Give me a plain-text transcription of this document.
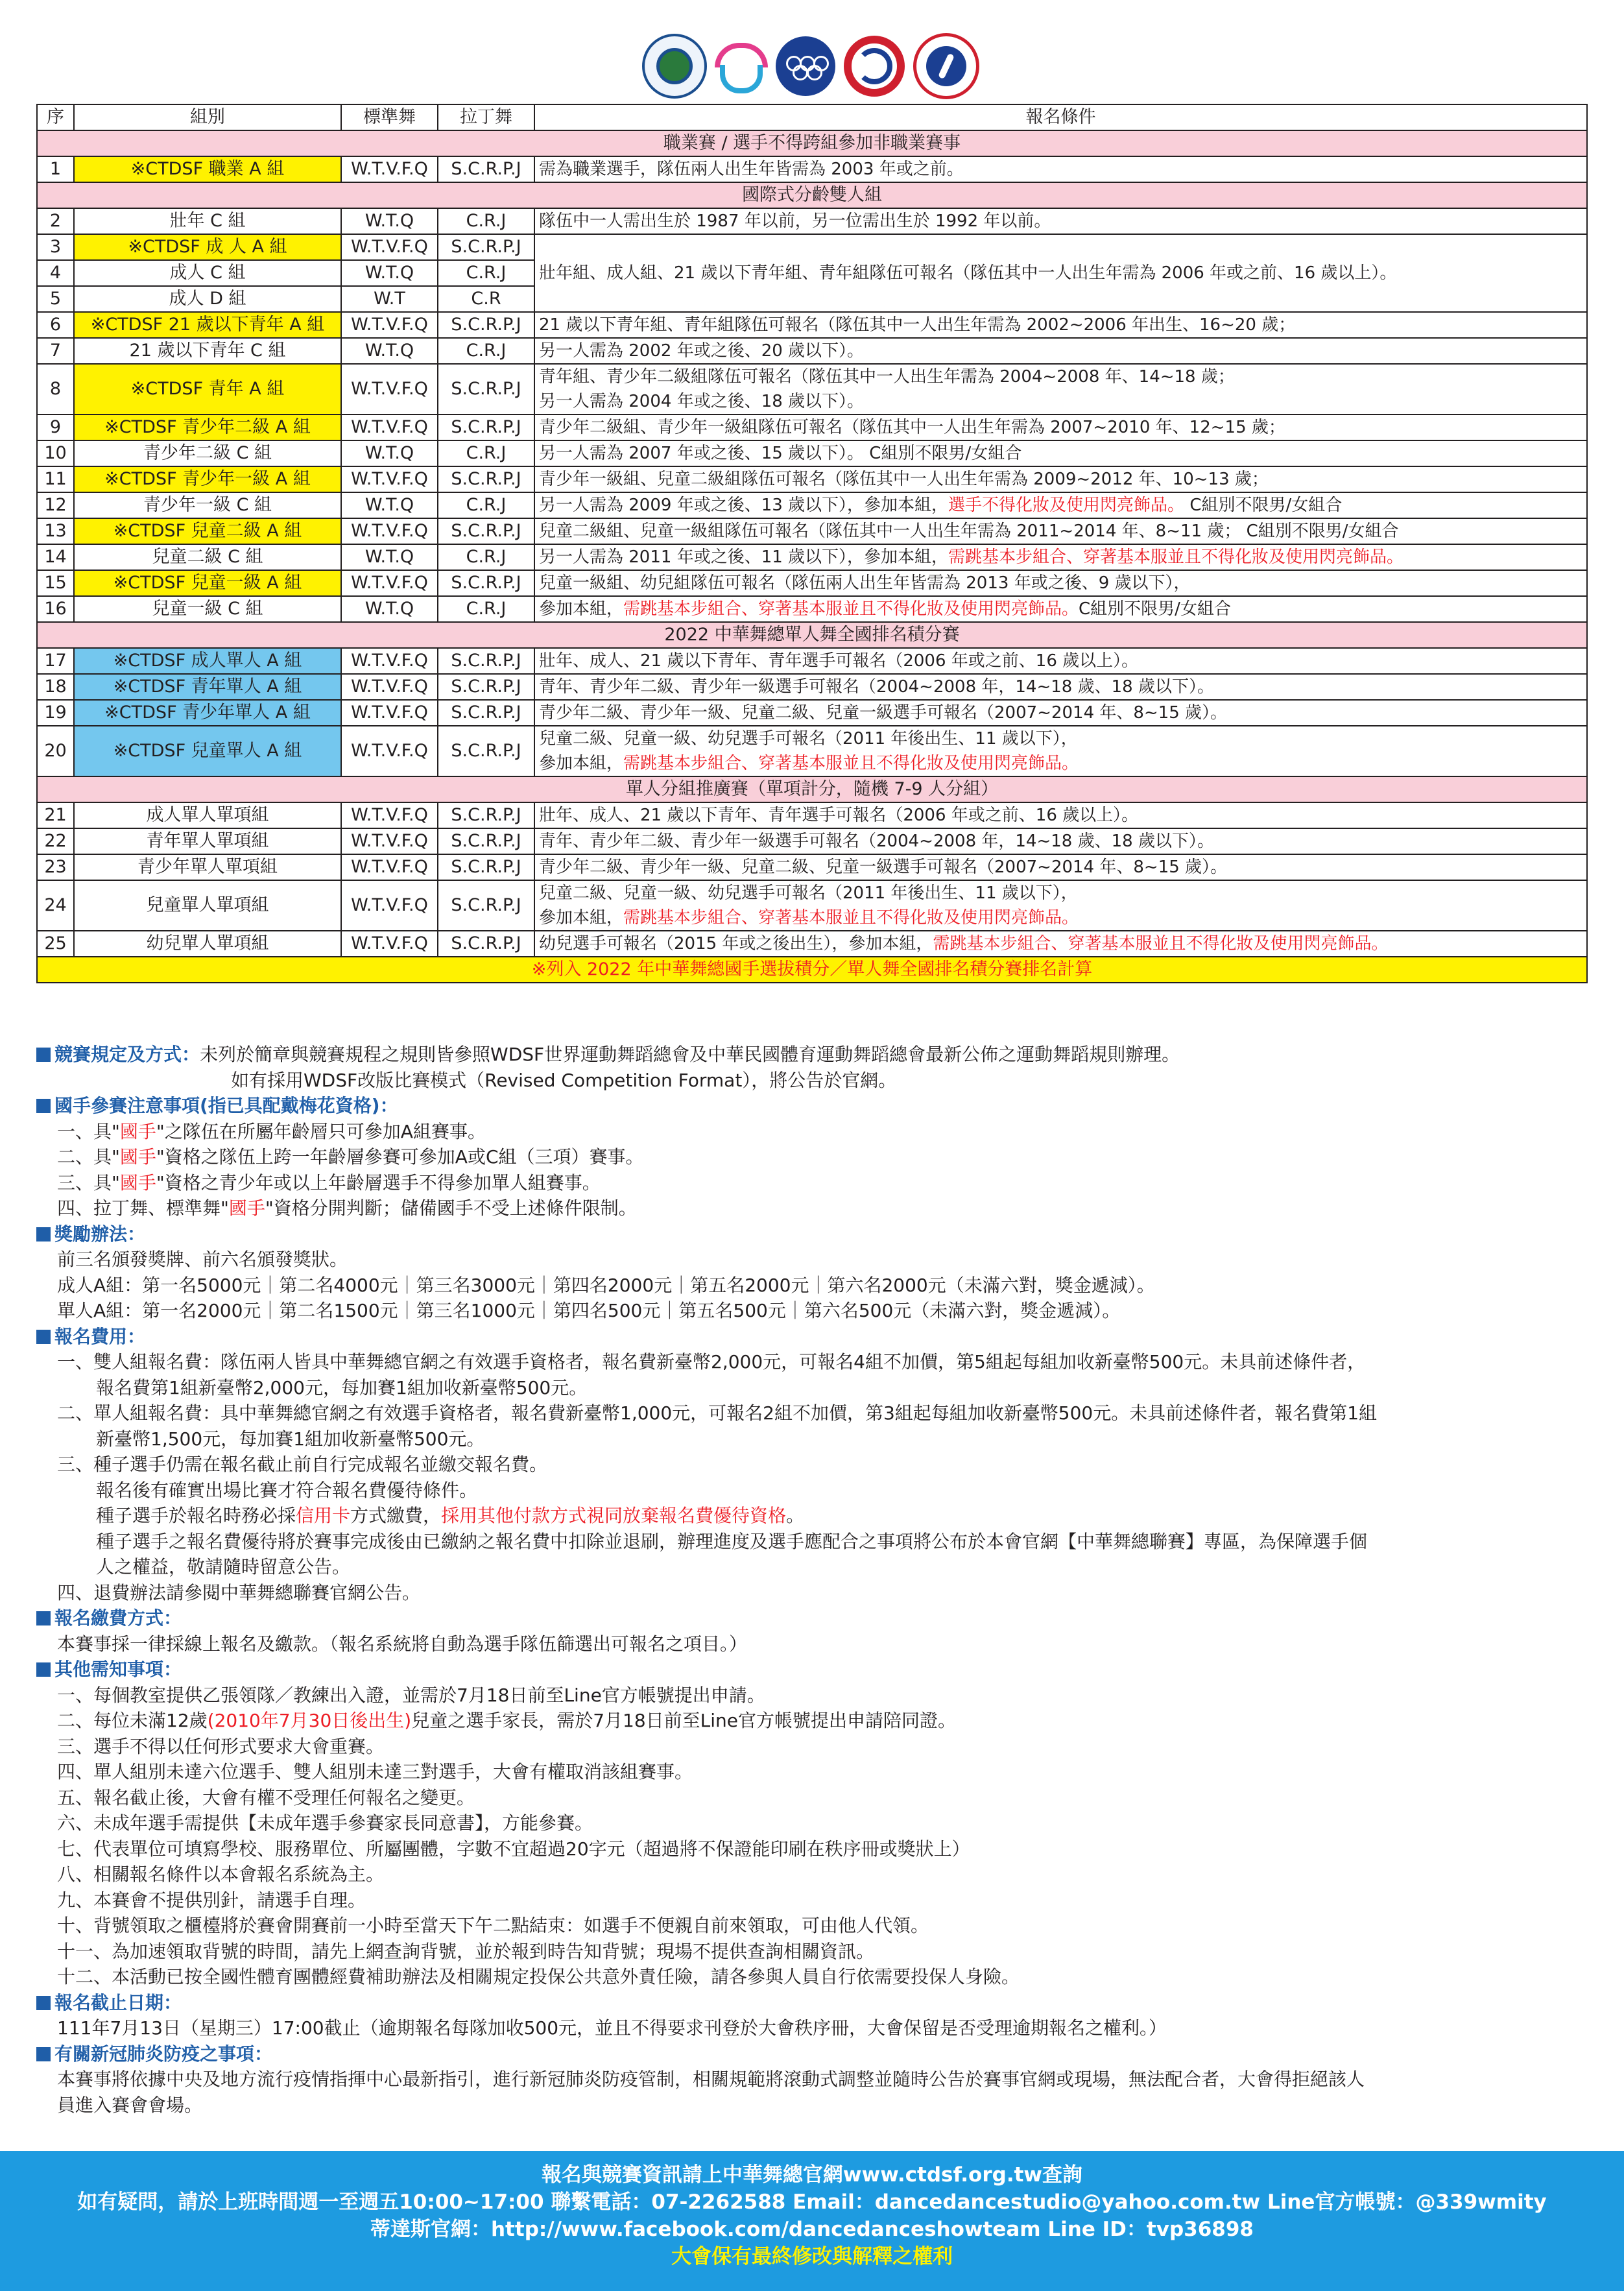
序	組別	標準舞	拉丁舞	報名條件
職業賽 / 選手不得跨組參加非職業賽事				
1	※CTDSF 職業 A 組	W.T.V.F.Q	S.C.R.P.J	需為職業選手，隊伍兩人出生年皆需為 2003 年或之前。
國際式分齡雙人組				
2	壯年 C 組	W.T.Q	C.R.J	隊伍中一人需出生於 1987 年以前，另一位需出生於 1992 年以前。
3	※CTDSF 成 人 A 組	W.T.V.F.Q	S.C.R.P.J	壯年組、成人組、21 歲以下青年組、青年組隊伍可報名（隊伍其中一人出生年需為 2006 年或之前、16 歲以上）。
4	成人 C 組	W.T.Q	C.R.J	
5	成人 D 組	W.T	C.R	
6	※CTDSF 21 歲以下青年 A 組	W.T.V.F.Q	S.C.R.P.J	21 歲以下青年組、青年組隊伍可報名（隊伍其中一人出生年需為 2002~2006 年出生、16~20 歲；
7	21 歲以下青年 C 組	W.T.Q	C.R.J	另一人需為 2002 年或之後、20 歲以下）。
8	※CTDSF 青年 A 組	W.T.V.F.Q	S.C.R.P.J	青年組、青少年二級組隊伍可報名（隊伍其中一人出生年需為 2004~2008 年、14~18 歲；
				另一人需為 2004 年或之後、18 歲以下）。
9	※CTDSF 青少年二級 A 組	W.T.V.F.Q	S.C.R.P.J	青少年二級組、青少年一級組隊伍可報名（隊伍其中一人出生年需為 2007~2010 年、12~15 歲；
10	青少年二級 C 組	W.T.Q	C.R.J	另一人需為 2007 年或之後、15 歲以下）。 C組別不限男/女組合
11	※CTDSF 青少年一級 A 組	W.T.V.F.Q	S.C.R.P.J	青少年一級組、兒童二級組隊伍可報名（隊伍其中一人出生年需為 2009~2012 年、10~13 歲；
12	青少年一級 C 組	W.T.Q	C.R.J	另一人需為 2009 年或之後、13 歲以下），參加本組，選手不得化妝及使用閃亮飾品。 C組別不限男/女組合
13	※CTDSF 兒童二級 A 組	W.T.V.F.Q	S.C.R.P.J	兒童二級組、兒童一級組隊伍可報名（隊伍其中一人出生年需為 2011~2014 年、8~11 歲； C組別不限男/女組合
14	兒童二級 C 組	W.T.Q	C.R.J	另一人需為 2011 年或之後、11 歲以下），參加本組，需跳基本步組合、穿著基本服並且不得化妝及使用閃亮飾品。
15	※CTDSF 兒童一級 A 組	W.T.V.F.Q	S.C.R.P.J	兒童一級組、幼兒組隊伍可報名（隊伍兩人出生年皆需為 2013 年或之後、9 歲以下），
16	兒童一級 C 組	W.T.Q	C.R.J	參加本組，需跳基本步組合、穿著基本服並且不得化妝及使用閃亮飾品。C組別不限男/女組合
2022 中華舞總單人舞全國排名積分賽				
17	※CTDSF 成人單人 A 組	W.T.V.F.Q	S.C.R.P.J	壯年、成人、21 歲以下青年、青年選手可報名（2006 年或之前、16 歲以上）。
18	※CTDSF 青年單人 A 組	W.T.V.F.Q	S.C.R.P.J	青年、青少年二級、青少年一級選手可報名（2004~2008 年，14~18 歲、18 歲以下）。
19	※CTDSF 青少年單人 A 組	W.T.V.F.Q	S.C.R.P.J	青少年二級、青少年一級、兒童二級、兒童一級選手可報名（2007~2014 年、8~15 歲）。
20	※CTDSF 兒童單人 A 組	W.T.V.F.Q	S.C.R.P.J	兒童二級、兒童一級、幼兒選手可報名（2011 年後出生、11 歲以下），
				參加本組，需跳基本步組合、穿著基本服並且不得化妝及使用閃亮飾品。
單人分組推廣賽（單項計分，隨機 7-9 人分組）				
21	成人單人單項組	W.T.V.F.Q	S.C.R.P.J	壯年、成人、21 歲以下青年、青年選手可報名（2006 年或之前、16 歲以上）。
22	青年單人單項組	W.T.V.F.Q	S.C.R.P.J	青年、青少年二級、青少年一級選手可報名（2004~2008 年，14~18 歲、18 歲以下）。
23	青少年單人單項組	W.T.V.F.Q	S.C.R.P.J	青少年二級、青少年一級、兒童二級、兒童一級選手可報名（2007~2014 年、8~15 歲）。
24	兒童單人單項組	W.T.V.F.Q	S.C.R.P.J	兒童二級、兒童一級、幼兒選手可報名（2011 年後出生、11 歲以下），
				參加本組，需跳基本步組合、穿著基本服並且不得化妝及使用閃亮飾品。
25	幼兒單人單項組	W.T.V.F.Q	S.C.R.P.J	幼兒選手可報名（2015 年或之後出生），參加本組，需跳基本步組合、穿著基本服並且不得化妝及使用閃亮飾品。
※列入 2022 年中華舞總國手選拔積分／單人舞全國排名積分賽排名計算				
競賽規定及方式：未列於簡章與競賽規程之規則皆參照WDSF世界運動舞蹈總會及中華民國體育運動舞蹈總會最新公佈之運動舞蹈規則辦理。
如有採用WDSF改版比賽模式（Revised Competition Format），將公告於官網。
國手參賽注意事項(指已具配戴梅花資格)：
一、具"國手"之隊伍在所屬年齡層只可參加A組賽事。
二、具"國手"資格之隊伍上跨一年齡層參賽可參加A或C組（三項）賽事。
三、具"國手"資格之青少年或以上年齡層選手不得參加單人組賽事。
四、拉丁舞、標準舞"國手"資格分開判斷；儲備國手不受上述條件限制。
獎勵辦法：
前三名頒發獎牌、前六名頒發獎狀。
成人A組：第一名5000元｜第二名4000元｜第三名3000元｜第四名2000元｜第五名2000元｜第六名2000元（未滿六對，獎金遞減）。
單人A組：第一名2000元｜第二名1500元｜第三名1000元｜第四名500元｜第五名500元｜第六名500元（未滿六對，獎金遞減）。
報名費用：
一、雙人組報名費：隊伍兩人皆具中華舞總官網之有效選手資格者，報名費新臺幣2,000元，可報名4組不加價，第5組起每組加收新臺幣500元。未具前述條件者，
報名費第1組新臺幣2,000元，每加賽1組加收新臺幣500元。
二、單人組報名費：具中華舞總官網之有效選手資格者，報名費新臺幣1,000元，可報名2組不加價，第3組起每組加收新臺幣500元。未具前述條件者，報名費第1組
新臺幣1,500元，每加賽1組加收新臺幣500元。
三、種子選手仍需在報名截止前自行完成報名並繳交報名費。
報名後有確實出場比賽才符合報名費優待條件。
種子選手於報名時務必採信用卡方式繳費，採用其他付款方式視同放棄報名費優待資格。
種子選手之報名費優待將於賽事完成後由已繳納之報名費中扣除並退刷，辦理進度及選手應配合之事項將公布於本會官網【中華舞總聯賽】專區，為保障選手個
人之權益，敬請隨時留意公告。
四、退費辦法請參閱中華舞總聯賽官網公告。
報名繳費方式：
本賽事採一律採線上報名及繳款。（報名系統將自動為選手隊伍篩選出可報名之項目。）
其他需知事項：
一、每個教室提供乙張領隊／教練出入證，並需於7月18日前至Line官方帳號提出申請。
二、每位未滿12歲(2010年7月30日後出生)兒童之選手家長，需於7月18日前至Line官方帳號提出申請陪同證。
三、選手不得以任何形式要求大會重賽。
四、單人組別未達六位選手、雙人組別未達三對選手，大會有權取消該組賽事。
五、報名截止後，大會有權不受理任何報名之變更。
六、未成年選手需提供【未成年選手參賽家長同意書】，方能參賽。
七、代表單位可填寫學校、服務單位、所屬團體，字數不宜超過20字元（超過將不保證能印刷在秩序冊或獎狀上）
八、相關報名條件以本會報名系統為主。
九、本賽會不提供別針，請選手自理。
十、背號領取之櫃檯將於賽會開賽前一小時至當天下午二點結束：如選手不便親自前來領取，可由他人代領。
十一、為加速領取背號的時間，請先上網查詢背號，並於報到時告知背號；現場不提供查詢相關資訊。
十二、本活動已按全國性體育團體經費補助辦法及相關規定投保公共意外責任險，請各參與人員自行依需要投保人身險。
報名截止日期：
111年7月13日（星期三）17:00截止（逾期報名每隊加收500元，並且不得要求刊登於大會秩序冊，大會保留是否受理逾期報名之權利。）
有關新冠肺炎防疫之事項：
本賽事將依據中央及地方流行疫情指揮中心最新指引，進行新冠肺炎防疫管制，相關規範將滾動式調整並隨時公告於賽事官網或現場，無法配合者，大會得拒絕該人
員進入賽會會場。
報名與競賽資訊請上中華舞總官網www.ctdsf.org.tw查詢
如有疑問，請於上班時間週一至週五10:00~17:00 聯繫電話：07-2262588 Email：dancedancestudio@yahoo.com.tw Line官方帳號：@339wmity
蒂達斯官網：http://www.facebook.com/dancedanceshowteam Line ID：tvp36898
大會保有最終修改與解釋之權利
